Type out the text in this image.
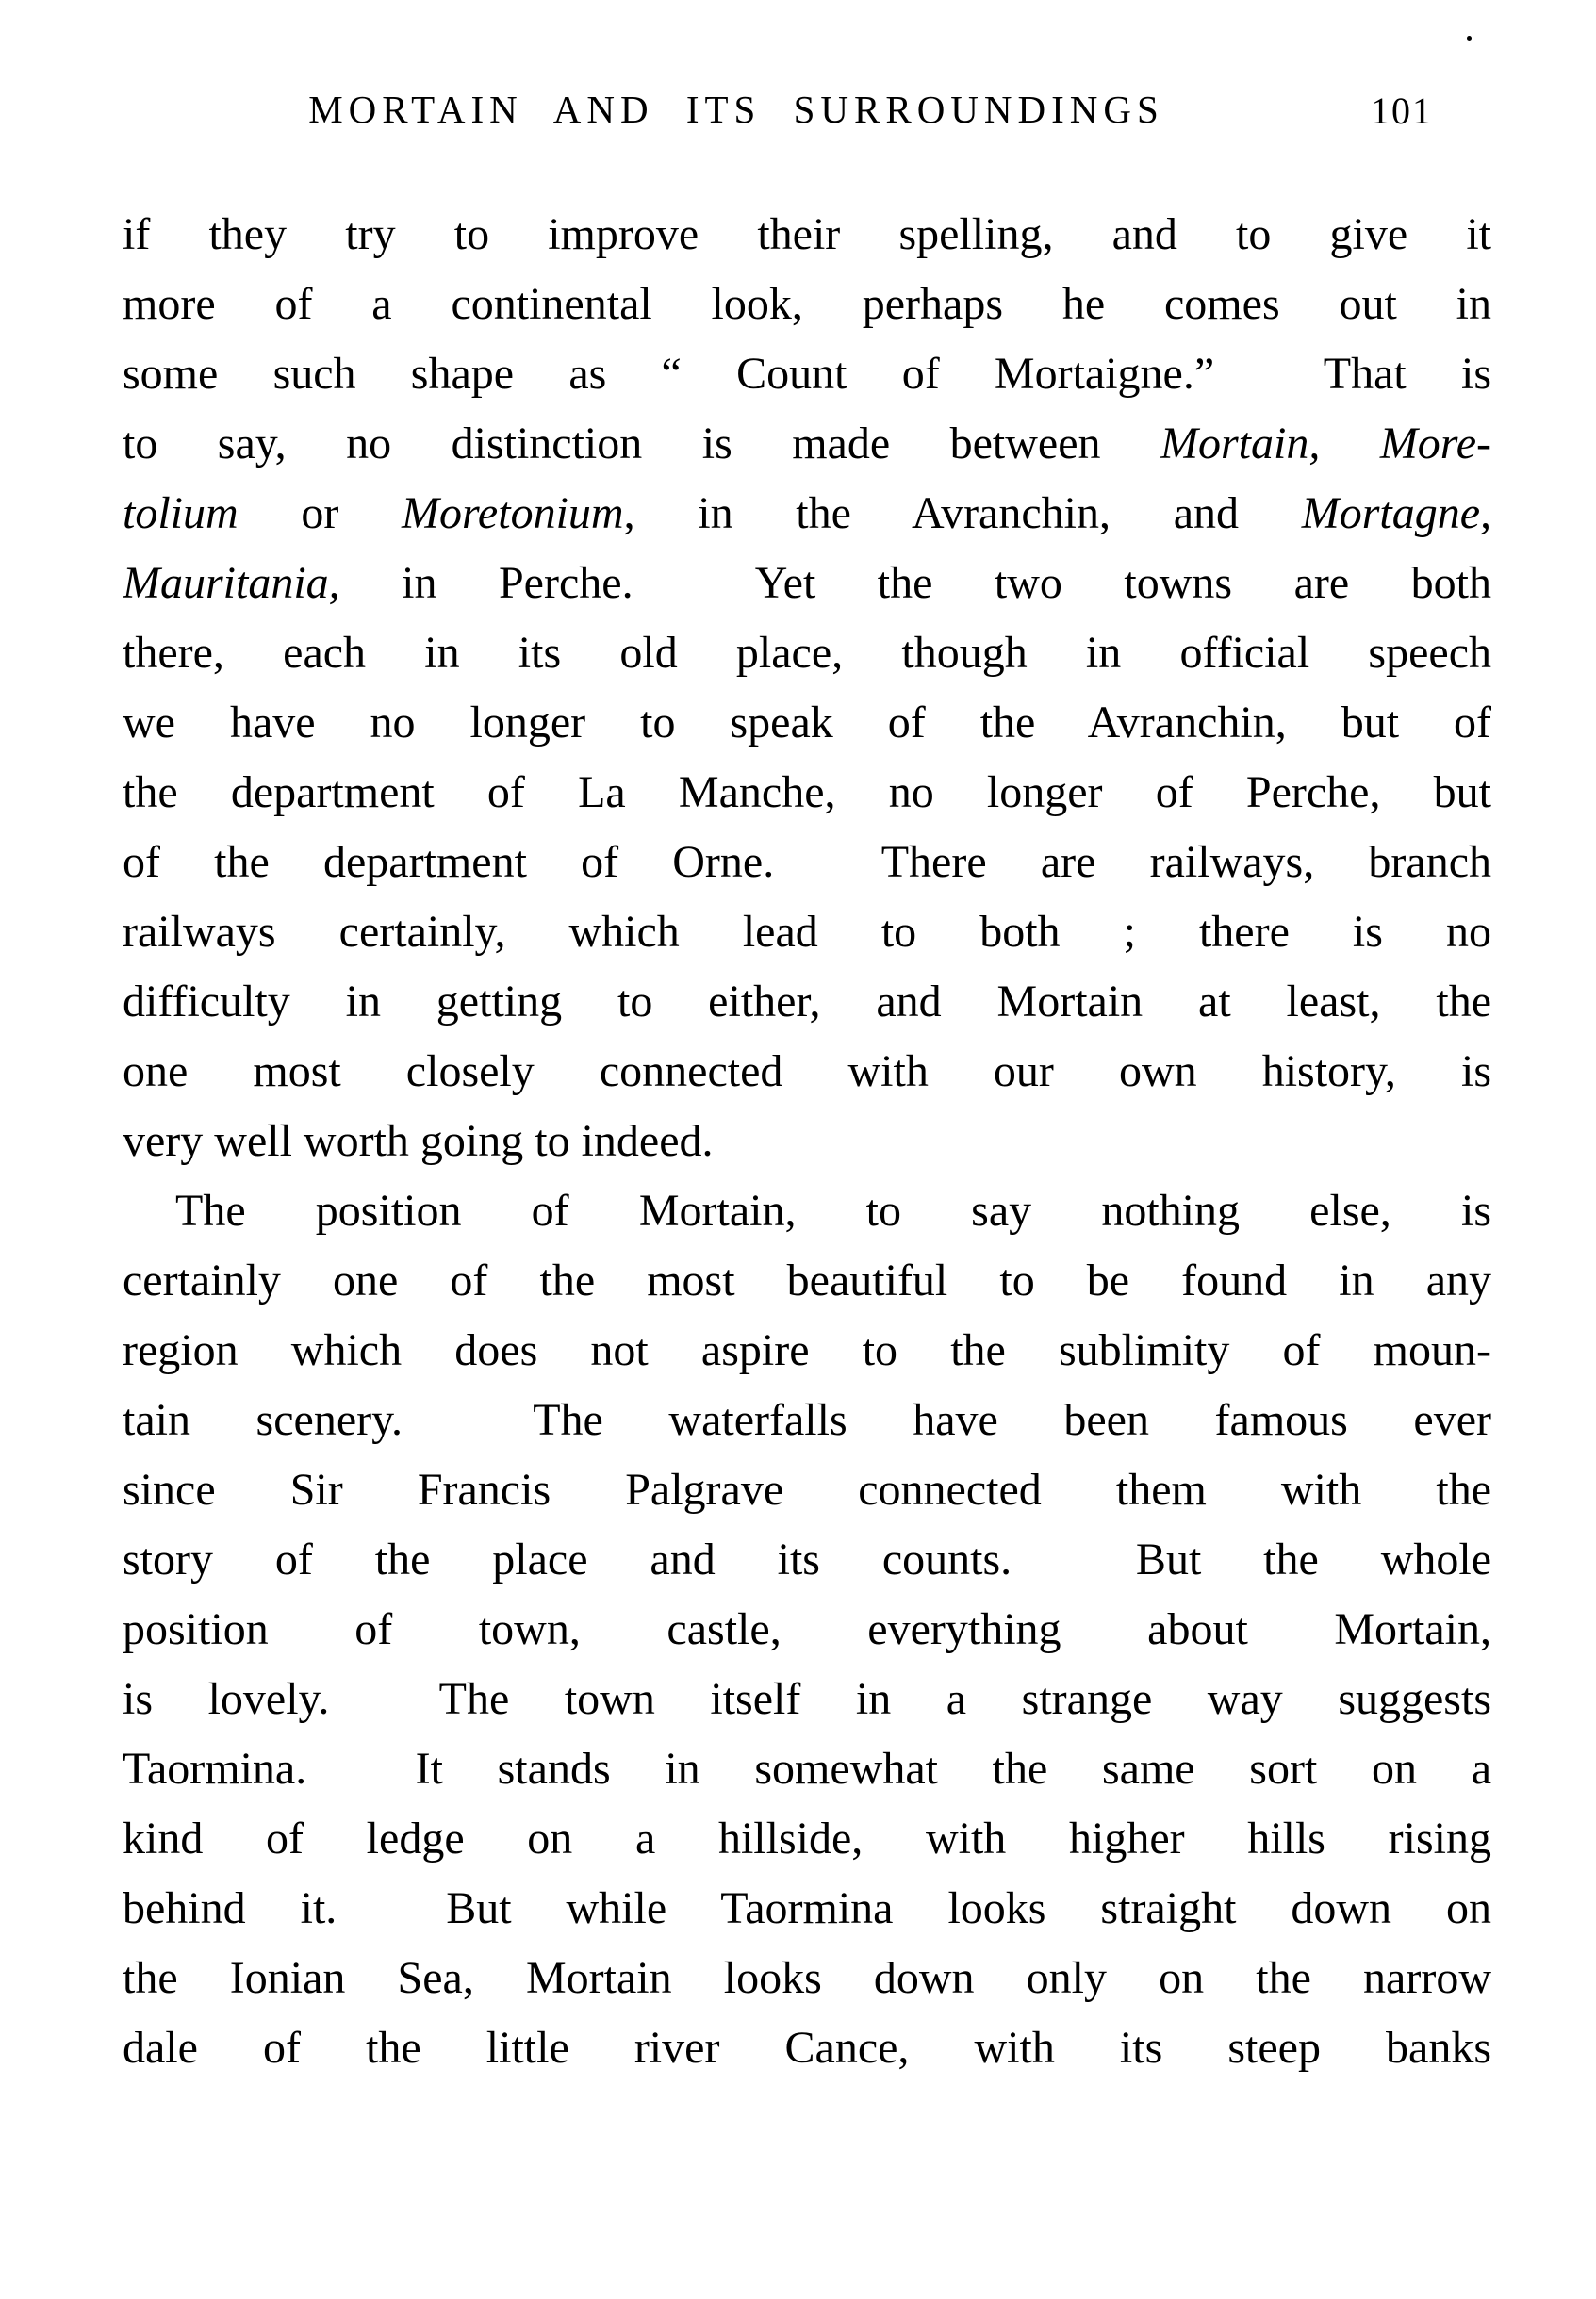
MORTAIN AND ITS SURROUNDINGS	101
if they try to improve their spelling, and to give it
more of a continental look, perhaps he comes out in
some such shape as “ Count of Mortaigne.”  That is
to say, no distinction is made between Mortain, More-
tolium or Moretonium, in the Avranchin, and Mortagne,
Mauritania, in Perche.  Yet the two towns are both
there, each in its old place, though in official speech
we have no longer to speak of the Avranchin, but of
the department of La Manche, no longer of Perche, but
of the department of Orne.  There are railways, branch
railways certainly, which lead to both ; there is no
difficulty in getting to either, and Mortain at least, the
one most closely connected with our own history, is
very well worth going to indeed.
The position of Mortain, to say nothing else, is
certainly one of the most beautiful to be found in any
region which does not aspire to the sublimity of moun-
tain scenery.  The waterfalls have been famous ever
since Sir Francis Palgrave connected them with the
story of the place and its counts.  But the whole
position of town, castle, everything about Mortain,
is lovely.  The town itself in a strange way suggests
Taormina.  It stands in somewhat the same sort on a
kind of ledge on a hillside, with higher hills rising
behind it.  But while Taormina looks straight down on
the Ionian Sea, Mortain looks down only on the narrow
dale of the little river Cance, with its steep banks
